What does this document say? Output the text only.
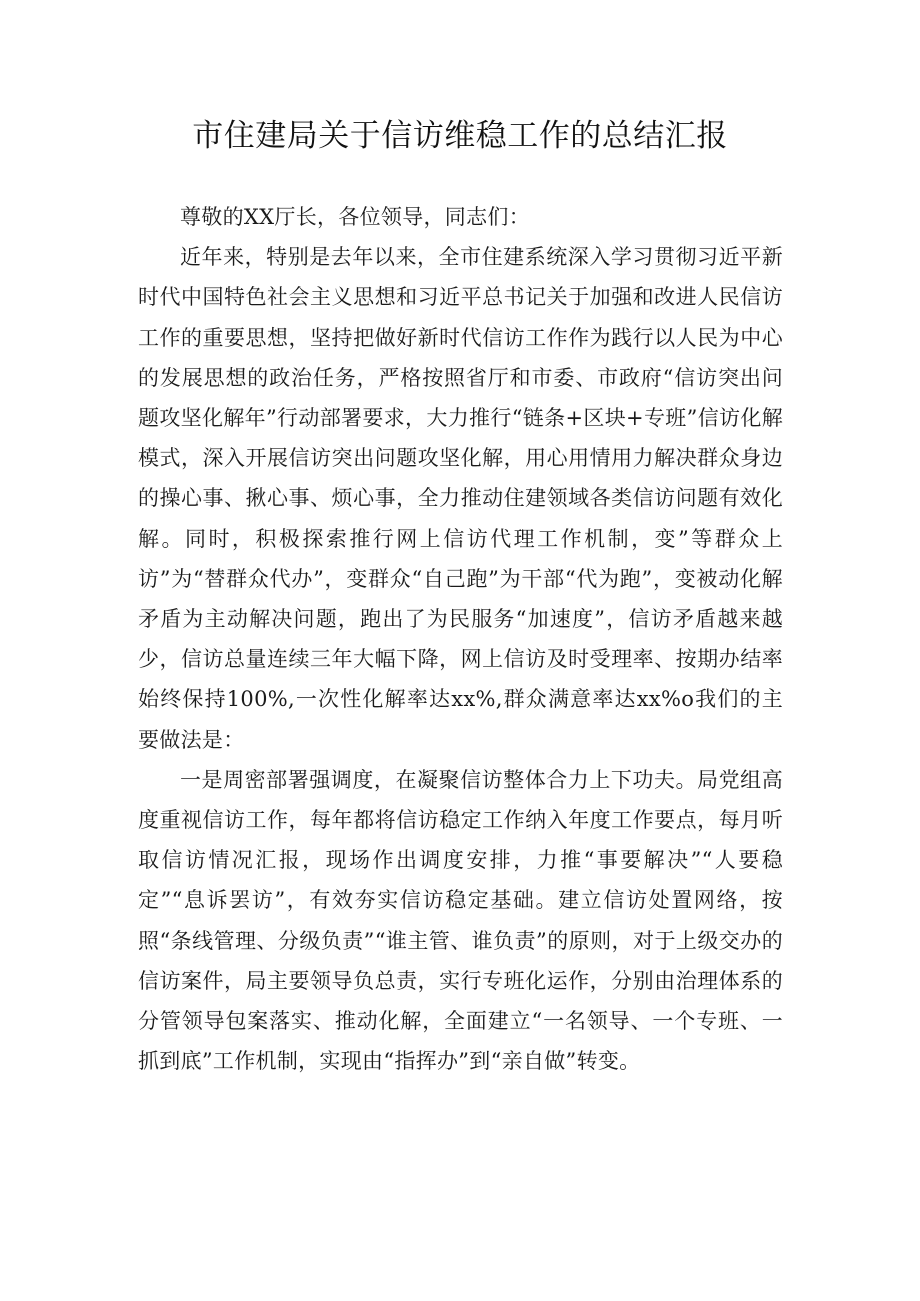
市住建局关于信访维稳工作的总结汇报

尊敬的XX厅长，各位领导，同志们：

近年来，特别是去年以来，全市住建系统深入学习贯彻习近平新时代中国特色社会主义思想和习近平总书记关于加强和改进人民信访工作的重要思想，坚持把做好新时代信访工作作为践行以人民为中心的发展思想的政治任务，严格按照省厅和市委、市政府“信访突出问题攻坚化解年”行动部署要求，大力推行“链条+区块+专班”信访化解模式，深入开展信访突出问题攻坚化解，用心用情用力解决群众身边的操心事、揪心事、烦心事，全力推动住建领域各类信访问题有效化解。同时，积极探索推行网上信访代理工作机制，变”等群众上访”为“替群众代办”，变群众“自己跑”为干部“代为跑”，变被动化解矛盾为主动解决问题，跑出了为民服务“加速度”，信访矛盾越来越少，信访总量连续三年大幅下降，网上信访及时受理率、按期办结率始终保持100%,一次性化解率达xx%,群众满意率达xx%o我们的主要做法是：

一是周密部署强调度，在凝聚信访整体合力上下功夫。局党组高度重视信访工作，每年都将信访稳定工作纳入年度工作要点，每月听取信访情况汇报，现场作出调度安排，力推“事要解决”“人要稳定”“息诉罢访”，有效夯实信访稳定基础。建立信访处置网络，按照“条线管理、分级负责”“谁主管、谁负责”的原则，对于上级交办的信访案件，局主要领导负总责，实行专班化运作，分别由治理体系的分管领导包案落实、推动化解，全面建立“一名领导、一个专班、一抓到底”工作机制，实现由“指挥办”到“亲自做”转变。
